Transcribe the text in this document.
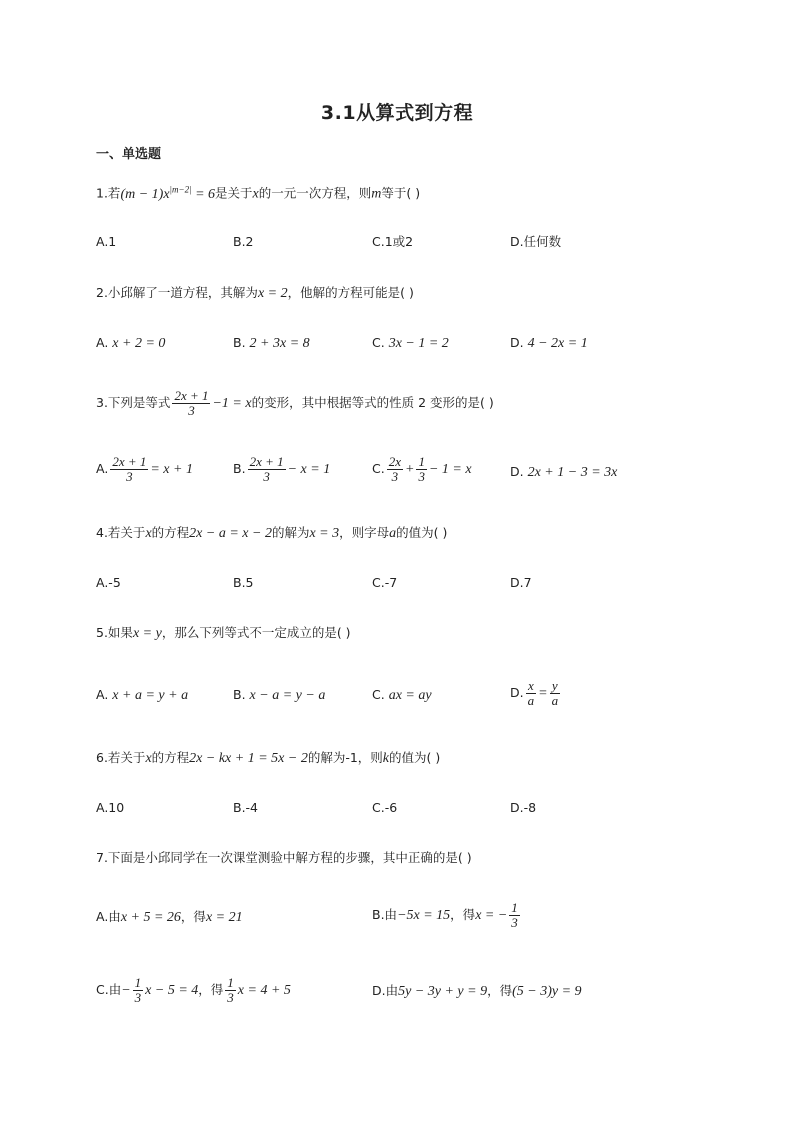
3.1从算式到方程
一、单选题
1.若$(m - 1)x^{|m-2|} = 6$是关于x的一元一次方程，则m等于( )
A.1	B.2	C.1或2	D.任何数
2.小邱解了一道方程，其解为x = 2，他解的方程可能是( )
A. x + 2 = 0	B. 2 + 3x = 8	C. 3x − 1 = 2	D. 4 − 2x = 1
3.下列是等式 $\frac{2x + 1}{3} -1 = x$的变形，其中根据等式的性质 2 变形的是( )
A. $\frac{2x + 1}{3} = x + 1$	B. $\frac{2x + 1}{3} - x = 1$	C. $\frac{2x}{3} + \frac{1}{3} - 1 = x$	D. 2x + 1 − 3 = 3x
4.若关于x的方程2x − a = x − 2的解为x = 3，则字母a的值为( )
A.-5	B.5	C.-7	D.7
5.如果x = y，那么下列等式不一定成立的是( )
A. x + a = y + a	B. x − a = y − a	C. ax = ay	D. $\frac{x}{a} = \frac{y}{a}$
6.若关于x的方程2x − kx + 1 = 5x − 2的解为-1，则k的值为( )
A.10	B.-4	C.-6	D.-8
7.下面是小邱同学在一次课堂测验中解方程的步骤，其中正确的是( )
A.由x + 5 = 26，得x = 21	B.由−5x = 15，得x = − $\frac{1}{3}$
C.由− $\frac{1}{3}$ x − 5 = 4，得 $\frac{1}{3}$ x = 4 + 5	D.由5y − 3y + y = 9，得(5 − 3)y = 9
